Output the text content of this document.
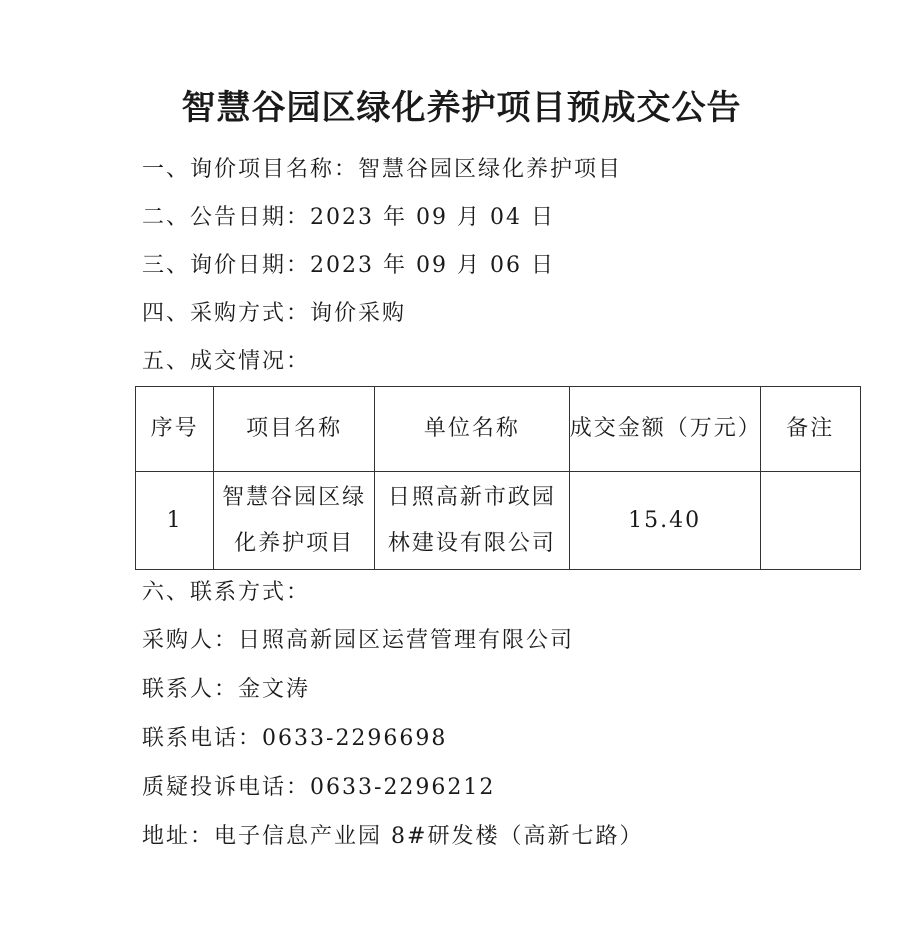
智慧谷园区绿化养护项目预成交公告
一、询价项目名称：智慧谷园区绿化养护项目
二、公告日期：2023 年 09 月 04 日
三、询价日期：2023 年 09 月 06 日
四、采购方式：询价采购
五、成交情况：
序号	项目名称	单位名称	成交金额（万元）	备注
1	智慧谷园区绿化养护项目	日照高新市政园林建设有限公司	15.40	
六、联系方式：
采购人：日照高新园区运营管理有限公司
联系人：金文涛
联系电话：0633-2296698
质疑投诉电话：0633-2296212
地址：电子信息产业园 8#研发楼（高新七路）
